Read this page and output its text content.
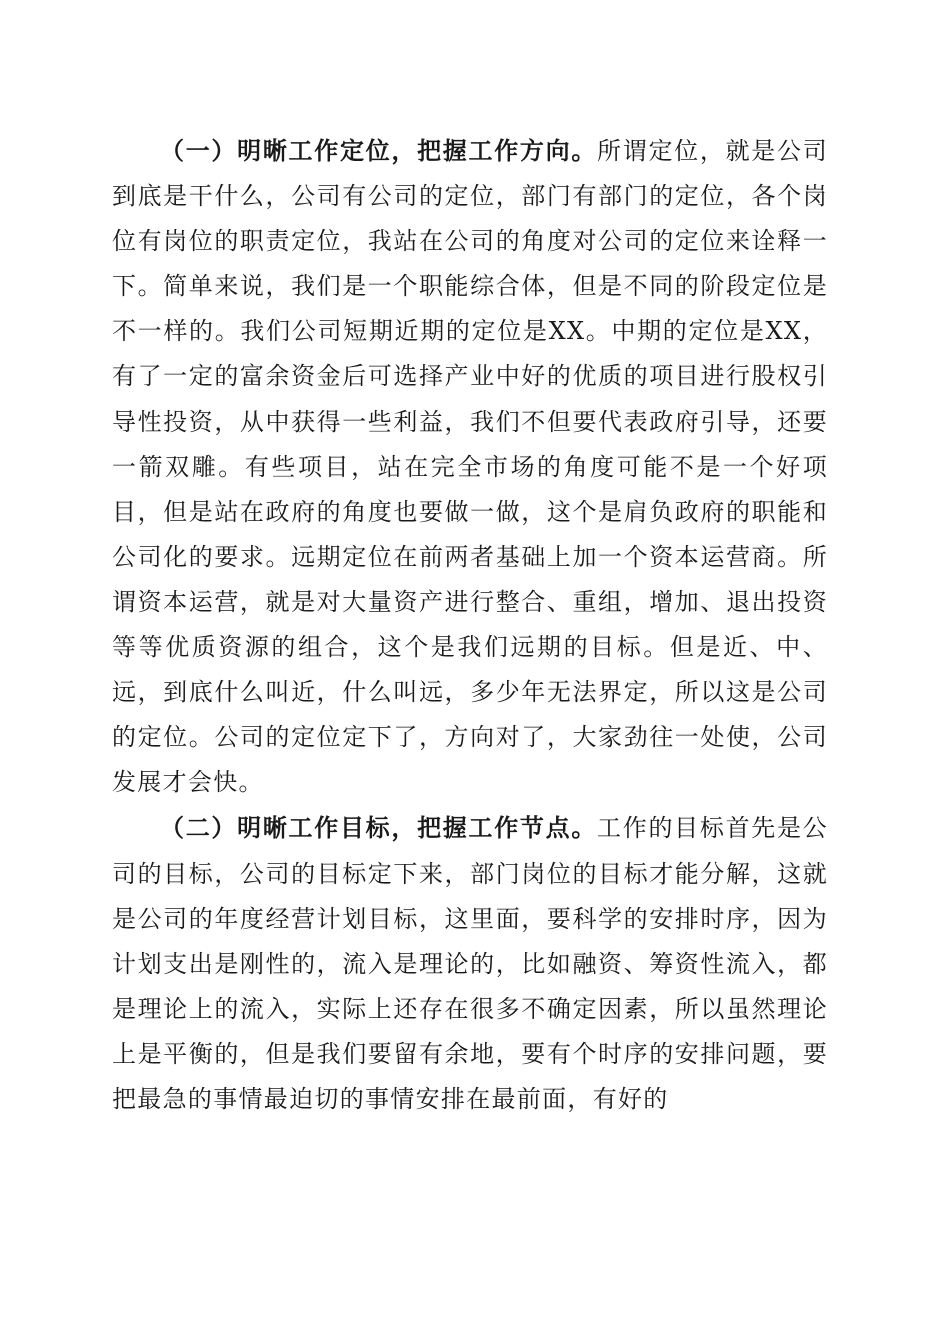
（一）明晰工作定位，把握工作方向。所谓定位，就是公司到底是干什么，公司有公司的定位，部门有部门的定位，各个岗位有岗位的职责定位，我站在公司的角度对公司的定位来诠释一下。简单来说，我们是一个职能综合体，但是不同的阶段定位是不一样的。我们公司短期近期的定位是XX。中期的定位是XX，有了一定的富余资金后可选择产业中好的优质的项目进行股权引导性投资，从中获得一些利益，我们不但要代表政府引导，还要一箭双雕。有些项目，站在完全市场的角度可能不是一个好项目，但是站在政府的角度也要做一做，这个是肩负政府的职能和公司化的要求。远期定位在前两者基础上加一个资本运营商。所谓资本运营，就是对大量资产进行整合、重组，增加、退出投资等等优质资源的组合，这个是我们远期的目标。但是近、中、远，到底什么叫近，什么叫远，多少年无法界定，所以这是公司的定位。公司的定位定下了，方向对了，大家劲往一处使，公司发展才会快。

（二）明晰工作目标，把握工作节点。工作的目标首先是公司的目标，公司的目标定下来，部门岗位的目标才能分解，这就是公司的年度经营计划目标，这里面，要科学的安排时序，因为计划支出是刚性的，流入是理论的，比如融资、筹资性流入，都是理论上的流入，实际上还存在很多不确定因素，所以虽然理论上是平衡的，但是我们要留有余地，要有个时序的安排问题，要把最急的事情最迫切的事情安排在最前面，有好的
